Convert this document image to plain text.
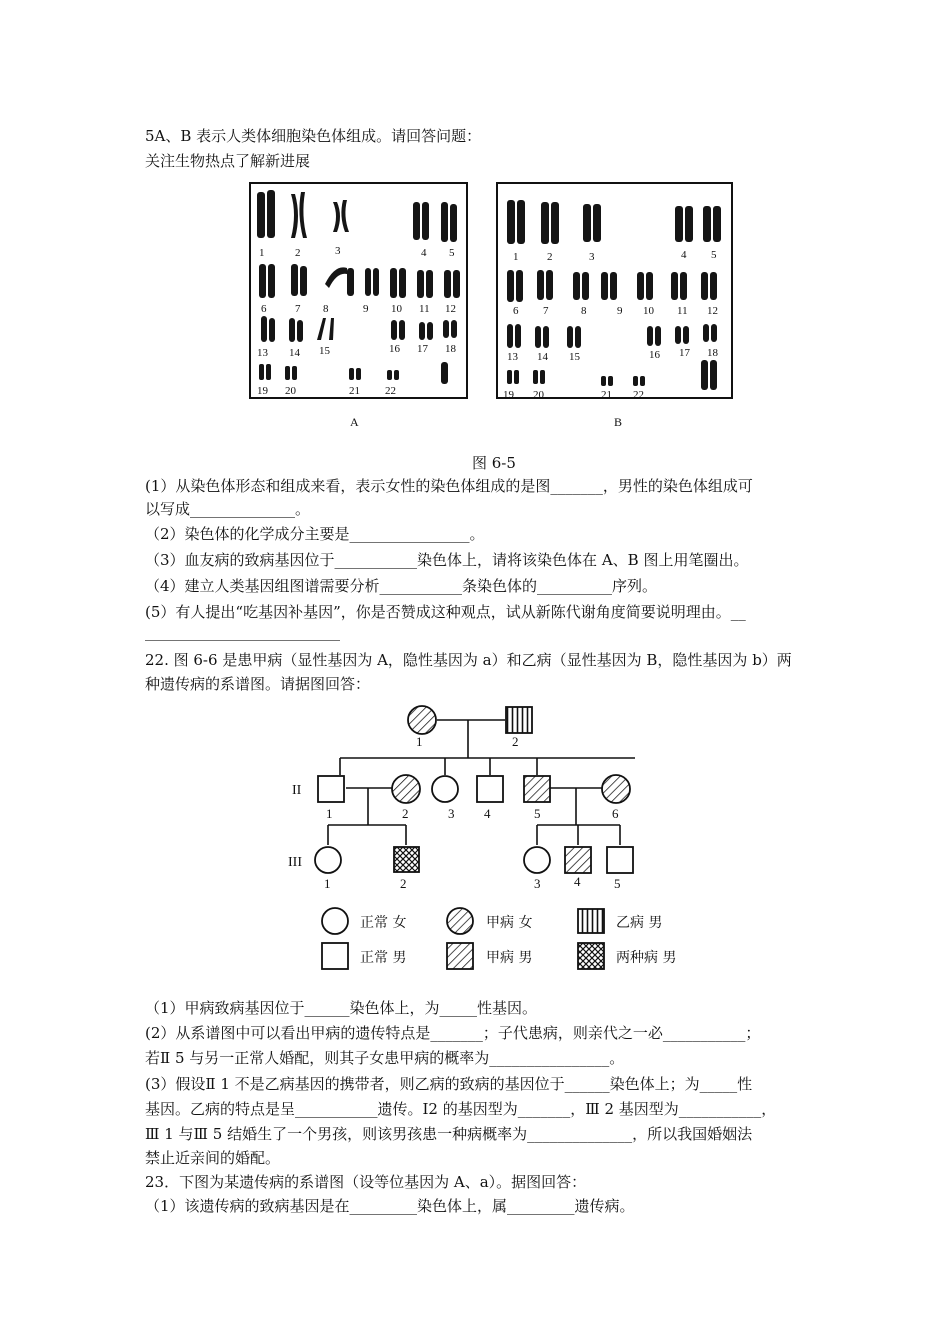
5A、B 表示人类体细胞染色体组成。请回答问题：
关注生物热点了解新进展
1	2	3	4 5
6	7 8	9 10 11 12
13 14 15	16 17 18
19 20	21 22
1	2	3	4 5
6 7	8	9 10 11 12
13 14 15	16 17 18
19 20	21 22
A	B
图 6-5
(1）从染色体形态和组成来看，表示女性的染色体组成的是图_______，男性的染色体组成可
以写成______________。
（2）染色体的化学成分主要是________________。
（3）血友病的致病基因位于___________染色体上，请将该染色体在 A、B 图上用笔圈出。
（4）建立人类基因组图谱需要分析___________条染色体的__________序列。
(5）有人提出“吃基因补基因”，你是否赞成这种观点，试从新陈代谢角度简要说明理由。__
__________________________
22. 图 6-6 是患甲病（显性基因为 A，隐性基因为 a）和乙病（显性基因为 B，隐性基因为 b）两
种遗传病的系谱图。请据图回答：
1	2
II
1	2	3 4	5	6
III
1	2	3	4	5
正常 女	甲病 女	乙病 男
正常 男	甲病 男	两种病 男
（1）甲病致病基因位于______染色体上，为_____性基因。
(2）从系谱图中可以看出甲病的遗传特点是_______；子代患病，则亲代之一必___________；
若Ⅱ 5 与另一正常人婚配，则其子女患甲病的概率为________________。
(3）假设Ⅱ 1 不是乙病基因的携带者，则乙病的致病的基因位于______染色体上；为_____性
基因。乙病的特点是呈___________遗传。I2 的基因型为_______，Ⅲ 2 基因型为___________，
Ⅲ 1 与Ⅲ 5 结婚生了一个男孩，则该男孩患一种病概率为______________，所以我国婚姻法
禁止近亲间的婚配。
23．下图为某遗传病的系谱图（设等位基因为 A、a）。据图回答：
（1）该遗传病的致病基因是在_________染色体上，属_________遗传病。
